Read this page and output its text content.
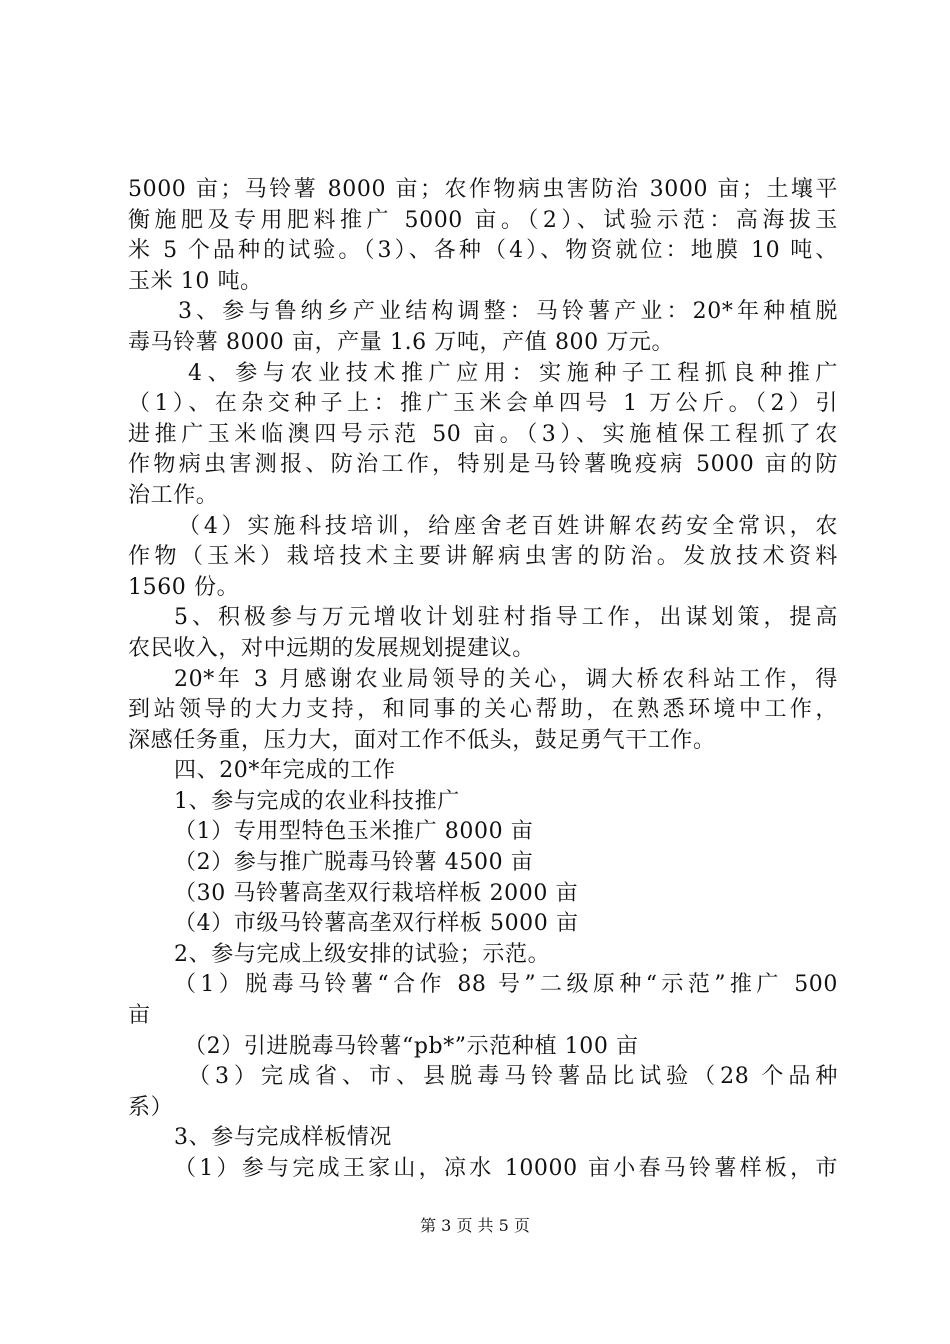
5000 亩；马铃薯 8000 亩；农作物病虫害防治 3000 亩；土壤平
衡施肥及专用肥料推广 5000 亩。（2）、试验示范：高海拔玉
米 5 个品种的试验。（3）、各种（4）、物资就位：地膜 10 吨、
玉米 10 吨。
3、参与鲁纳乡产业结构调整：马铃薯产业：20*年种植脱
毒马铃薯 8000 亩，产量 1.6 万吨，产值 800 万元。
4、参与农业技术推广应用：实施种子工程抓良种推广
（1）、在杂交种子上：推广玉米会单四号 1 万公斤。（2）引
进推广玉米临澳四号示范 50 亩。（3）、实施植保工程抓了农
作物病虫害测报、防治工作，特别是马铃薯晚疫病 5000 亩的防
治工作。
（4）实施科技培训，给座舍老百姓讲解农药安全常识，农
作物（玉米）栽培技术主要讲解病虫害的防治。发放技术资料
1560 份。
5、积极参与万元增收计划驻村指导工作，出谋划策，提高
农民收入，对中远期的发展规划提建议。
20*年 3 月感谢农业局领导的关心，调大桥农科站工作，得
到站领导的大力支持，和同事的关心帮助，在熟悉环境中工作，
深感任务重，压力大，面对工作不低头，鼓足勇气干工作。
四、20*年完成的工作
1、参与完成的农业科技推广
（1）专用型特色玉米推广 8000 亩
（2）参与推广脱毒马铃薯 4500 亩
（30 马铃薯高垄双行栽培样板 2000 亩
（4）市级马铃薯高垄双行样板 5000 亩
2、参与完成上级安排的试验；示范。
（1）脱毒马铃薯“合作 88 号”二级原种“示范”推广 500
亩
（2）引进脱毒马铃薯“pb*”示范种植 100 亩
（3）完成省、市、县脱毒马铃薯品比试验（28 个品种
系）
3、参与完成样板情况
（1）参与完成王家山，凉水 10000 亩小春马铃薯样板，市
第 3 页 共 5 页
